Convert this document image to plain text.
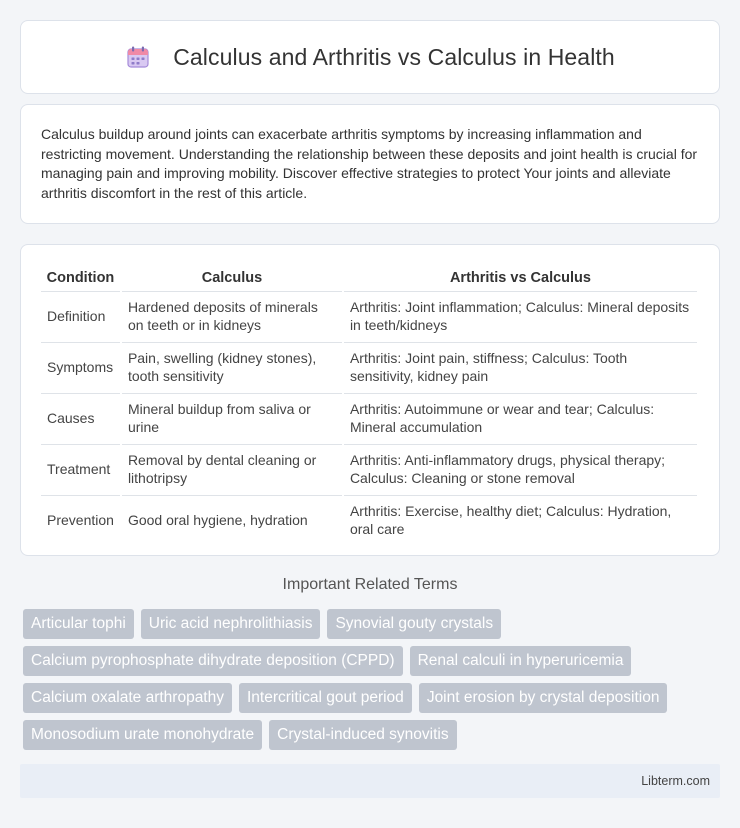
Calculus and Arthritis vs Calculus in Health

Calculus buildup around joints can exacerbate arthritis symptoms by increasing inflammation and restricting movement. Understanding the relationship between these deposits and joint health is crucial for managing pain and improving mobility. Discover effective strategies to protect Your joints and alleviate arthritis discomfort in the rest of this article.

Condition	Calculus	Arthritis vs Calculus
Definition	Hardened deposits of minerals on teeth or in kidneys	Arthritis: Joint inflammation; Calculus: Mineral deposits in teeth/kidneys
Symptoms	Pain, swelling (kidney stones), tooth sensitivity	Arthritis: Joint pain, stiffness; Calculus: Tooth sensitivity, kidney pain
Causes	Mineral buildup from saliva or urine	Arthritis: Autoimmune or wear and tear; Calculus: Mineral accumulation
Treatment	Removal by dental cleaning or lithotripsy	Arthritis: Anti-inflammatory drugs, physical therapy; Calculus: Cleaning or stone removal
Prevention	Good oral hygiene, hydration	Arthritis: Exercise, healthy diet; Calculus: Hydration, oral care
Important Related Terms
Articular tophi	Uric acid nephrolithiasis	Synovial gouty crystals
Calcium pyrophosphate dihydrate deposition (CPPD)	Renal calculi in hyperuricemia
Calcium oxalate arthropathy	Intercritical gout period	Joint erosion by crystal deposition
Monosodium urate monohydrate	Crystal-induced synovitis
Libterm.com
